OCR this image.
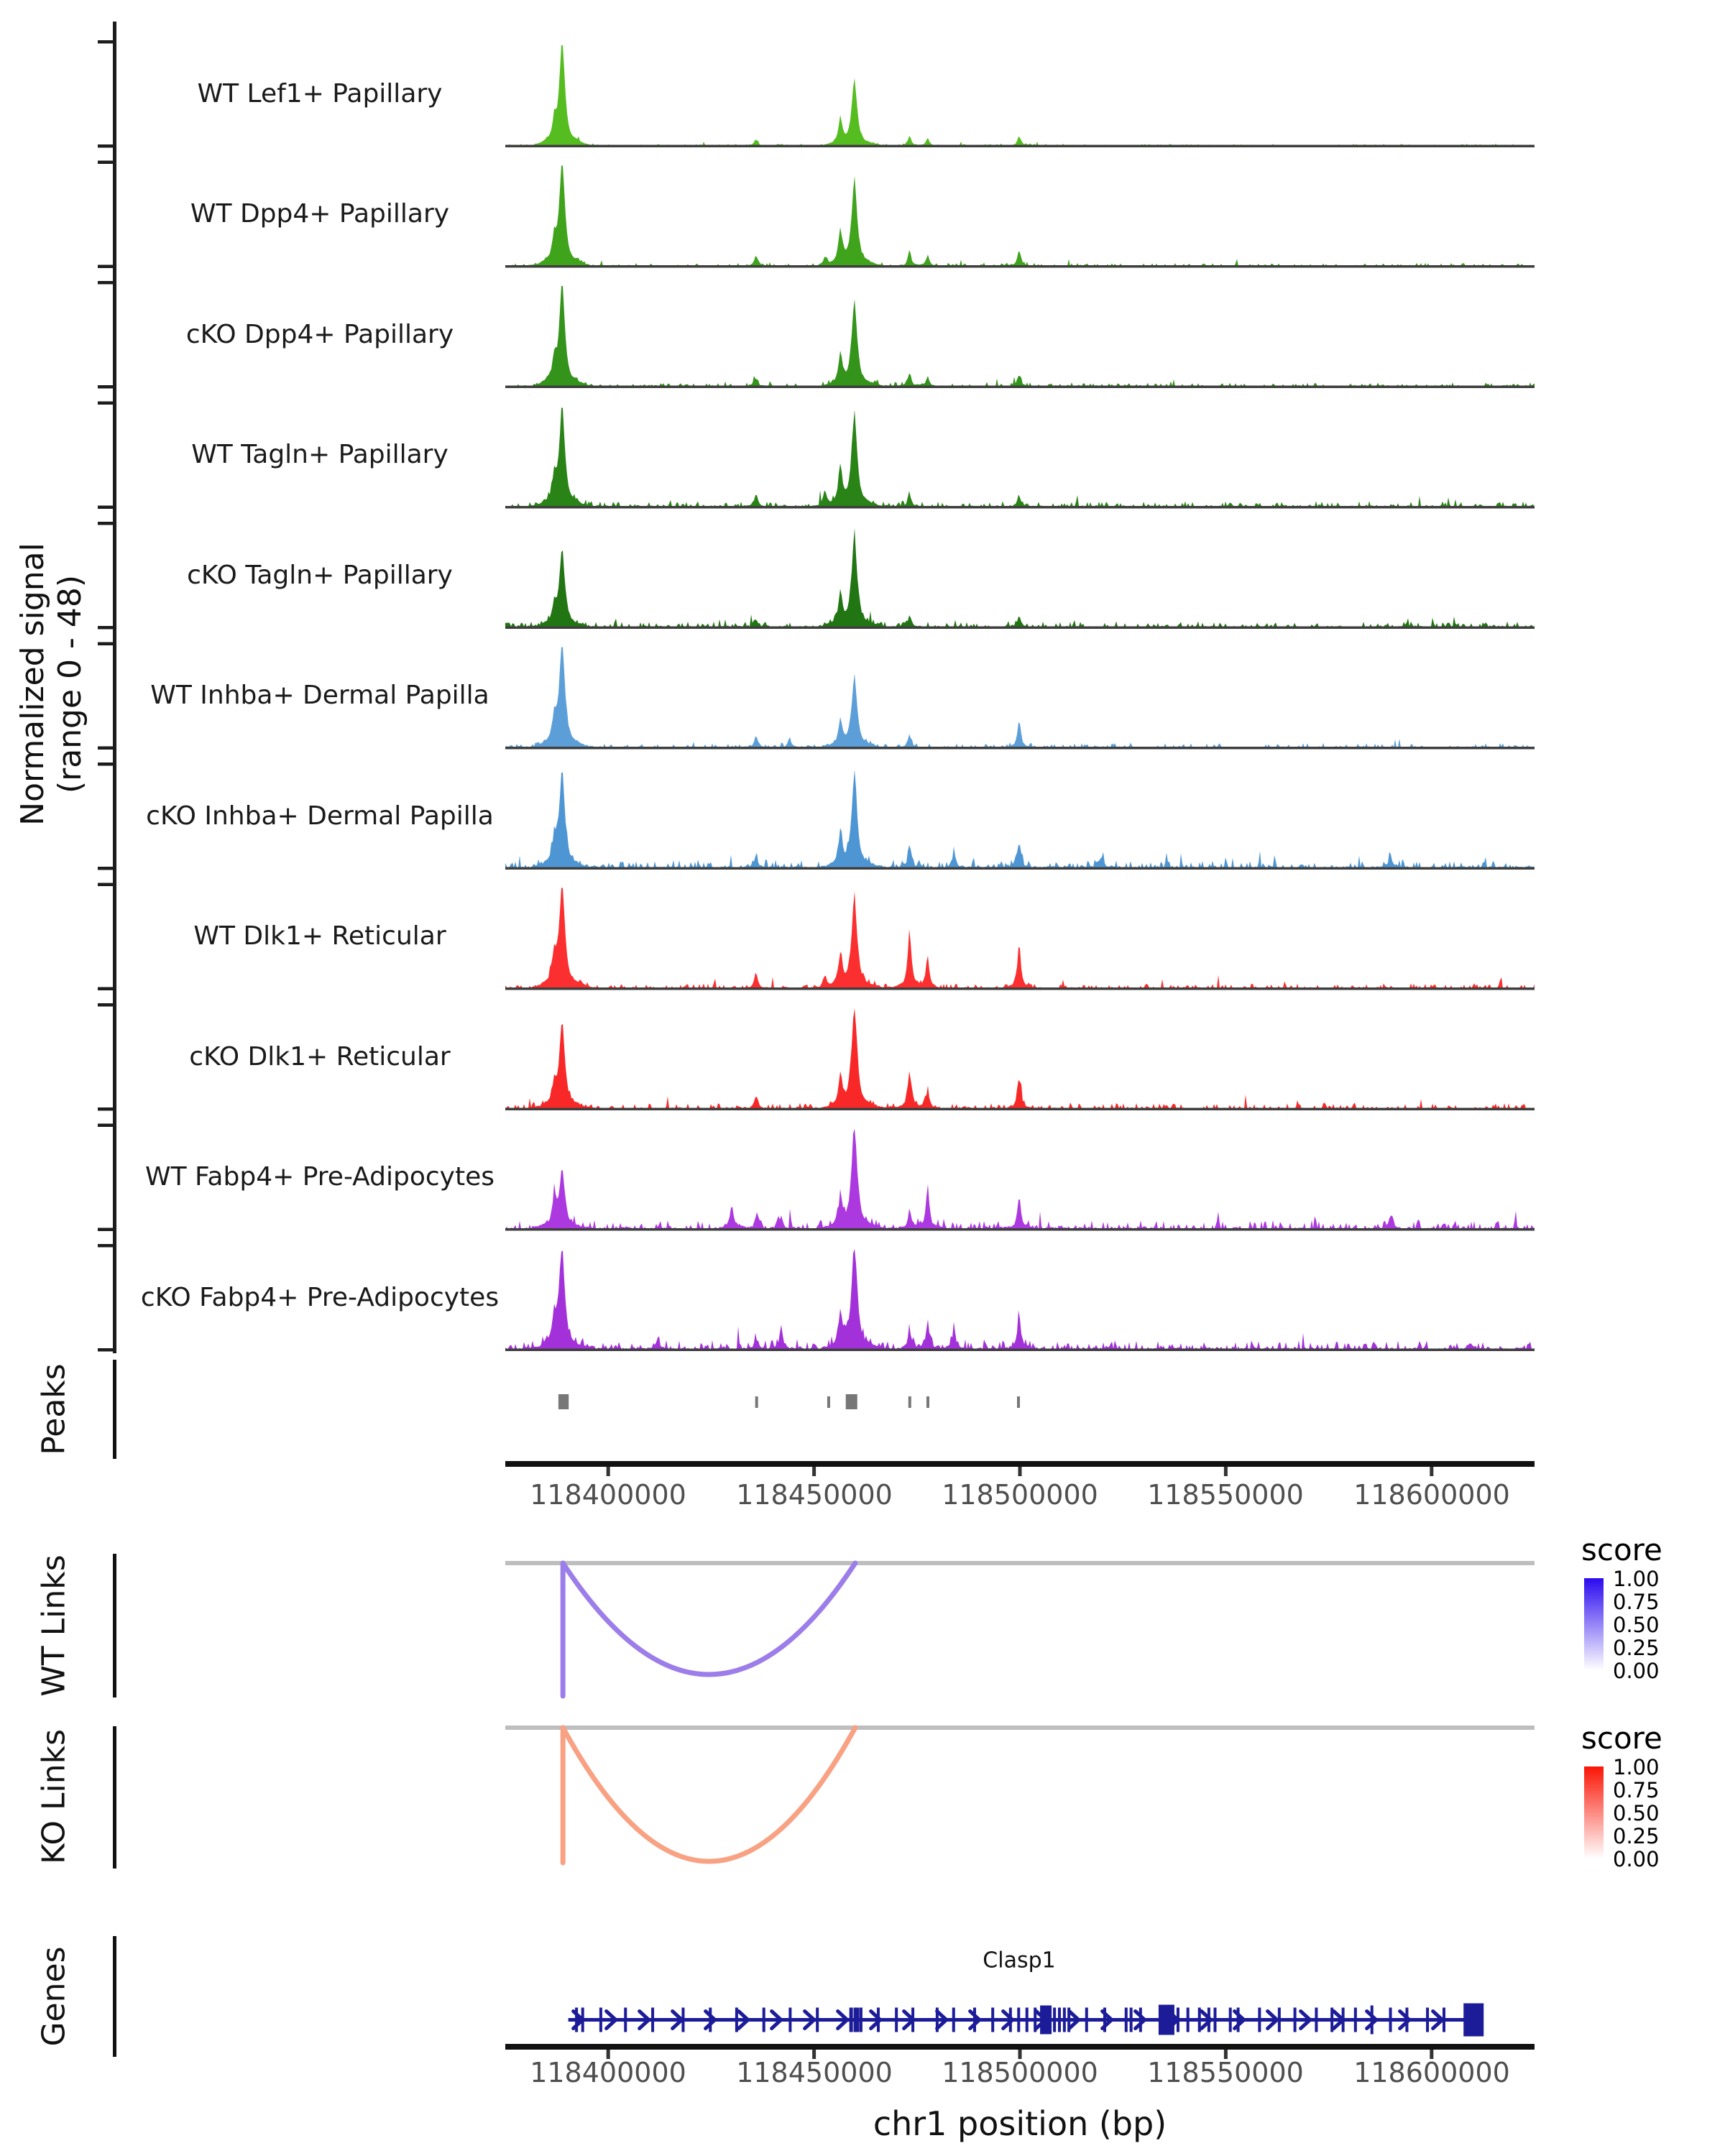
Normalized signal (range 0 - 48)
WT Lef1+ Papillary
WT Dpp4+ Papillary
cKO Dpp4+ Papillary
WT Tagln+ Papillary
cKO Tagln+ Papillary
WT Inhba+ Dermal Papilla
cKO Inhba+ Dermal Papilla
WT Dlk1+ Reticular
cKO Dlk1+ Reticular
WT Fabp4+ Pre-Adipocytes
cKO Fabp4+ Pre-Adipocytes
Peaks
WT Links
KO Links
Genes
118400000 118450000 118500000 118550000 118600000
score
1.00
0.75
0.50
0.25
0.00
score
1.00
0.75
0.50
0.25
0.00
Clasp1
118400000 118450000 118500000 118550000 118600000
chr1 position (bp)
